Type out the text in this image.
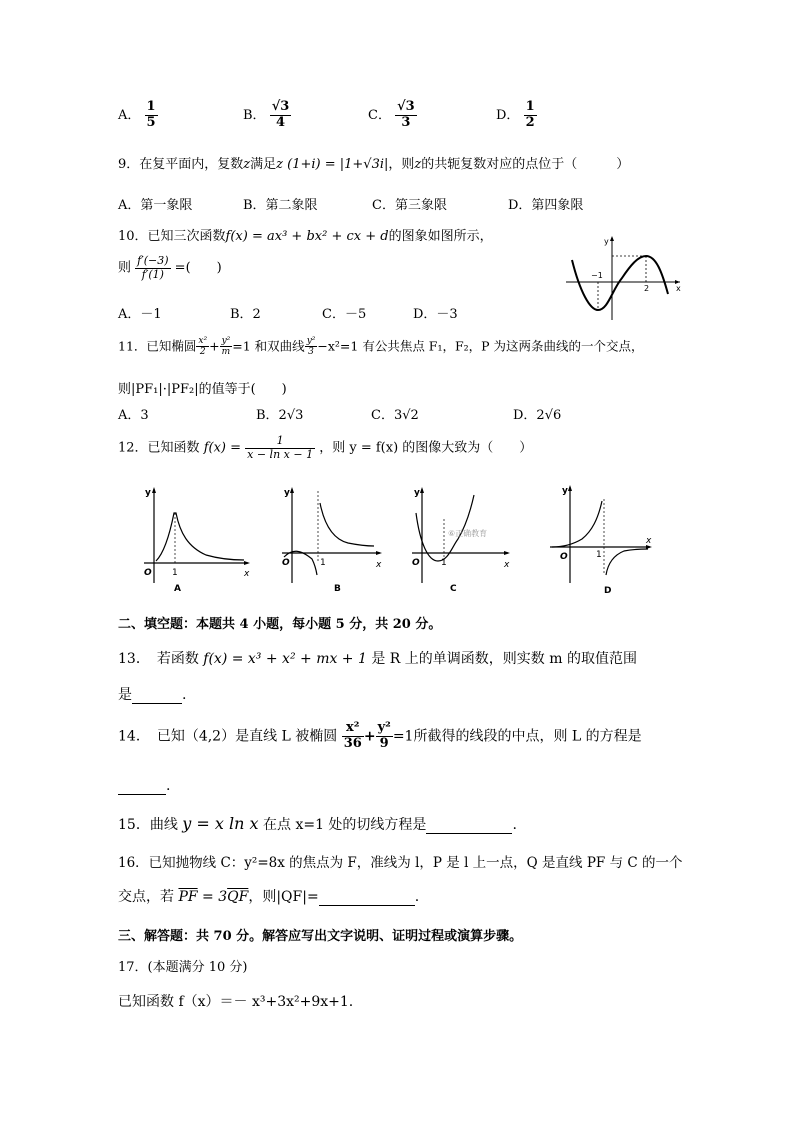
A． $\frac{1}{5}$	B． $\frac{√3}{4}$	C． $\frac{√3}{3}$	D． $\frac{1}{2}$
9．在复平面内，复数z满足z (1+i) = |1+√3i|，则z的共轭复数对应的点位于（　　　）
A．第一象限	B．第二象限	C．第三象限	D．第四象限
10．已知三次函数f(x) = ax³ + bx² + cx + d的图象如图所示，
则 $\frac{f'(-3)}{f'(1)}$ =(　　)
A．－1	B．2	C．－5	D．－3
y
x
−1
2
11．已知椭圆 $\frac{\text{x²}}{2} + \frac{\text{y²}}{m} =1$ 和双曲线 $\frac{\text{y²}}{3} -x^2=1$ 有公共焦点 F₁，F₂，P 为这两条曲线的一个交点，
则|PF₁|·|PF₂|的值等于(　　)
A．3	B．2√3	C．3√2	D．2√6
12．已知函数 $f(x) = \frac{1}{\text{x − ln x − 1}}$ ，则 y = f(x) 的图像大致为（　　）
y
x
O 1
A
y
x
O	1
B
y
x
O 1
⑥正确教育
C
y
x
O	1
D
二、填空题：本题共 4 小题，每小题 5 分，共 20 分。
13．　若函数 f(x) = x³ + x² + mx + 1 是 R 上的单调函数，则实数 m 的取值范围
是	.
14．　已知（4,2）是直线 L 被椭圆 $\frac{\text{x²}}{36} + \frac{\text{y²}}{9} =1$所截得的线段的中点，则 L 的方程是
.
15．曲线 y = x ln x 在点 x=1 处的切线方程是	.
16．已知抛物线 C：y²=8x 的焦点为 F，准线为 l，P 是 l 上一点，Q 是直线 PF 与 C 的一个
交点，若 $\overline{PF} = 3\overline{QF}$，则|QF|=	.
三、解答题：共 70 分。解答应写出文字说明、证明过程或演算步骤。
17．(本题满分 10 分)
已知函数 f（x）＝－ x³+3x²+9x+1.
